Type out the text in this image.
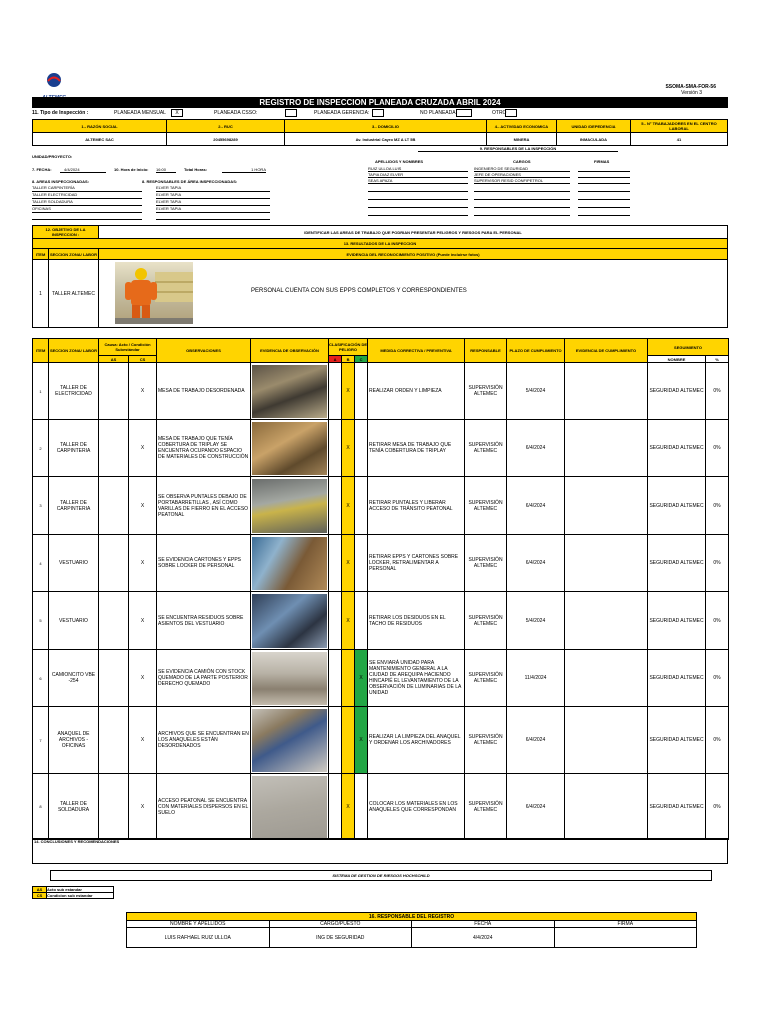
SSOMA-SMA-FOR-56
Versión 3
REGISTRO DE INSPECCION PLANEADA CRUZADA ABRIL 2024
11. Tipo de Inspección :	PLANEADA MENSUAL	X	PLANEADA CSSO:	PLANEADA GERENCIA:	NO PLANEADA	OTRO
1.- RAZÓN SOCIAL	2.- RUC	3.- DOMICILIO	4.- ACTIVIDAD ECONOMICA	UNIDAD /DEPEDENCIA	5.- N° TRABAJADORES EN EL CENTRO LABORAL
ALTEMEC SAC	20455698289	Av. Industrial Cayro MZ A LT 5B	MINERA	INMACULADA	41
9. RESPONSABLES DE LA INSPECCIÓN
APELLIDOS Y NOMBRES	CARGOS	FIRMAS
RUIZ ULLOA LUIS	INGENIERO DE SEGURIDAD
TAPIA DIAZ ELVER	JEFE DE OPERACIONES
SEAS APAZA	SUPERVISOR RESID CONFIPETROL
UNIDAD/PROYECTO:
7. FECHA:	4/4/2024	10. Hora de Inicio: 16:00	Total Horas:	1 HORA
8. AREAS INSPECCIONADAS:	8. RESPONSABLES DE ÁREA INSPECCIONADAS:
TALLER CARPINTERÍA	ELVER TAPIA
TALLER ELECTRICIDAD	ELVER TAPIA
TALLER SOLDADURA	ELVER TAPIA
OFICINAS	ELVER TAPIA
12. OBJETIVO DE LA INSPECCION :	IDENTIFICAR LAS AREAS DE TRABAJO QUE PODRIAN PRESENTAR PELIGROS Y RIESGOS PARA EL PERSONAL
13. RESULTADOS DE LA INSPECCION		
ITEM	SECCION ZONA/ LABOR	EVIDENCIA DEL RECONOCIMIENTO POSITIVO (Puede incluirse fotos)
1	TALLER ALTEMEC	PERSONAL CUENTA CON SUS EPPS COMPLETOS Y CORRESPONDIENTES
ITEM	SECCION ZONA/ LABOR	Causa: Acto / Condición Subestándar		OBSERVACIONES	EVIDENCIA DE OBSERVACIÓN	CLASIFICACIÓN DE PELIGRO			MEDIDA CORRECTIVA / PREVENTIVA	RESPONSABLE	PLAZO DE CUMPLIMIENTO	EVIDENCIA DE CUMPLIMIENTO	SEGUIMIENTO	
		AS	CS			A	B	C						
													NOMBRE	%
1	TALLER DE ELECTRICIDAD		X	MESA DE TRABAJO DESORDENADA			X		REALIZAR ORDEN Y LIMPIEZA	SUPERVISIÓN ALTEMEC	5/4/2024		SEGURIDAD ALTEMEC	0%
2	TALLER DE CARPINTERIA		X	MESA DE TRABAJO QUE TENÍA COBERTURA DE TRIPLAY SE ENCUENTRA OCUPANDO ESPACIO DE MATERIALES DE CONSTRUCCIÓN			X		RETIRAR MESA DE TRABAJO QUE TENÍA COBERTURA DE TRIPLAY	SUPERVISIÓN ALTEMEC	6/4/2024		SEGURIDAD ALTEMEC	0%
3	TALLER DE CARPINTERIA		X	SE OBSERVA PUNTALES DEBAJO DE PORTABARRETILLAS , ASÍ COMO VARILLAS DE FIERRO EN EL ACCESO PEATONAL			X		RETIRAR PUNTALES Y LIBERAR ACCESO DE TRÁNSITO PEATONAL	SUPERVISIÓN ALTEMEC	6/4/2024		SEGURIDAD ALTEMEC	0%
4	VESTUARIO		X	SE EVIDENCIA CARTONES Y EPPS SOBRE LOCKER DE PERSONAL			X		RETIRAR EPPS Y CARTONES SOBRE LOCKER, RETRALIMENTAR A PERSONAL	SUPERVISIÓN ALTEMEC	6/4/2024		SEGURIDAD ALTEMEC	0%
5	VESTUARIO		X	SE ENCUENTRA RESIDUOS SOBRE ASIENTOS DEL VESTUARIO			X		RETIRAR LOS DESIDUOS EN EL TACHO DE RESIDUOS	SUPERVISIÓN ALTEMEC	5/4/2024		SEGURIDAD ALTEMEC	0%
6	CAMIONCITO VBE -254		X	SE EVIDENCIA CAMIÓN CON STOCK QUEMADO DE LA PARTE POSTERIOR DERECHO QUEMADO				X	SE ENVIARÁ UNIDAD PARA MANTENIMIENTO GENERAL A LA CIUDAD DE AREQUIPA HACIENDO HINCAPIÉ EL LEVANTAMIENTO DE LA OBSERVACIÓN DE LUMINARIAS DE LA UNIDAD	SUPERVISIÓN ALTEMEC	11/4/2024		SEGURIDAD ALTEMEC	0%
7	ANAQUEL DE ARCHIVOS - OFICINAS		X	ARCHIVOS QUE SE ENCUENTRAN EN LOS ANAQUELES ESTÁN DESORDENADOS				X	REALIZAR LA LIMPIEZA DEL ANAQUEL Y ORDENAR LOS ARCHIVADORES	SUPERVISIÓN ALTEMEC	6/4/2024		SEGURIDAD ALTEMEC	0%
8	TALLER DE SOLDADURA		X	ACCESO PEATONAL SE ENCUENTRA CON MATERIALES DISPERSOS EN EL SUELO			X		COLOCAR LOS MATERIALES EN LOS ANAQUELES QUE CORRESPONDAN	SUPERVISIÓN ALTEMEC	6/4/2024		SEGURIDAD ALTEMEC	0%
14. CONCLUSIONES Y RECOMENDACIONES
SISTEMA DE GESTION DE RIESGOS HOCHSCHILD
AS	Acto sub estandar
CS	Condicion sub estandar
16. RESPONSABLE DEL REGISTRO			
NOMBRE Y APELLIDOS	CARGO/PUESTO	FECHA	FIRMA
LUIS RAFHAEL RUIZ ULLOA	ING DE SEGURIDAD	4/4/2024	
